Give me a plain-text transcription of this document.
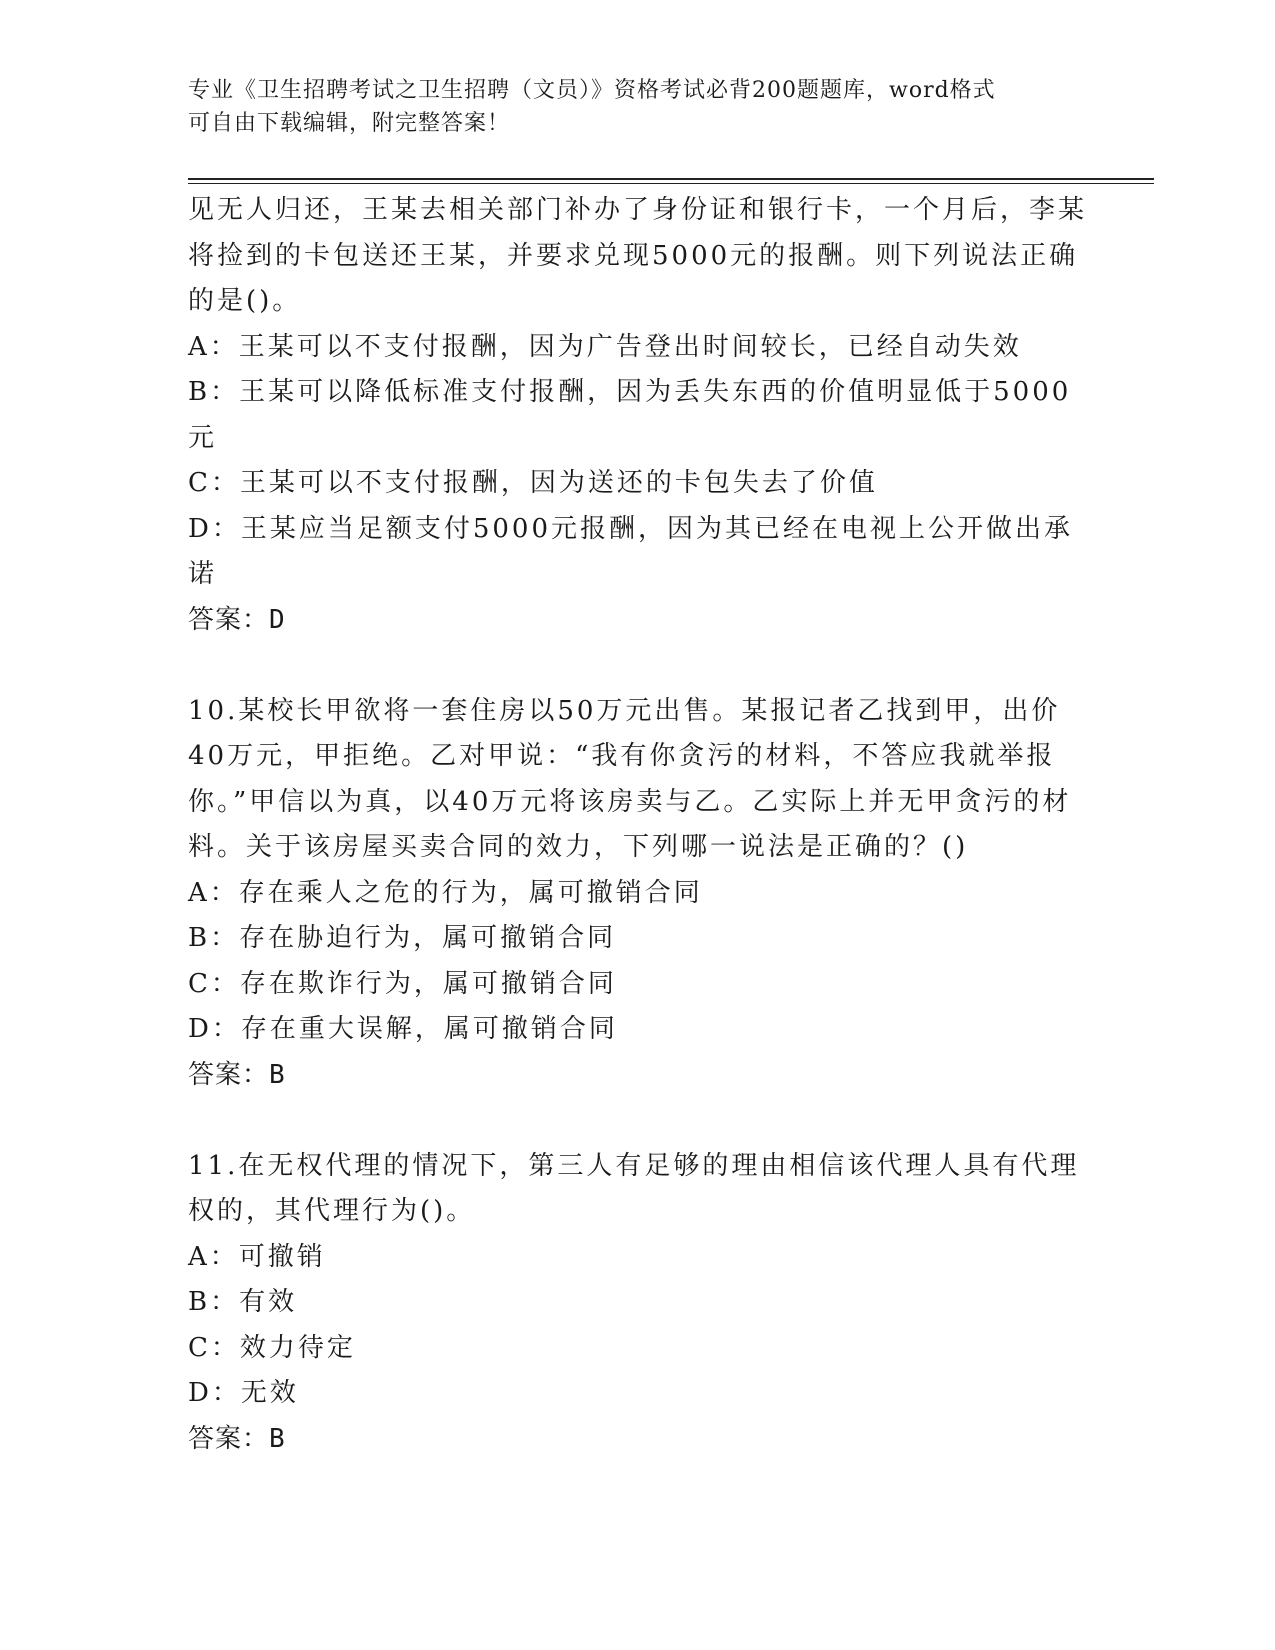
专业《卫生招聘考试之卫生招聘（文员）》资格考试必背200题题库，word格式
可自由下载编辑，附完整答案！

见无人归还，王某去相关部门补办了身份证和银行卡，一个月后，李某将捡到的卡包送还王某，并要求兑现5000元的报酬。则下列说法正确的是()。

A：王某可以不支付报酬，因为广告登出时间较长，已经自动失效

B：王某可以降低标准支付报酬，因为丢失东西的价值明显低于5000元

C：王某可以不支付报酬，因为送还的卡包失去了价值

D：王某应当足额支付5000元报酬，因为其已经在电视上公开做出承诺

答案：D

10.某校长甲欲将一套住房以50万元出售。某报记者乙找到甲，出价40万元，甲拒绝。乙对甲说：“我有你贪污的材料，不答应我就举报你。”甲信以为真，以40万元将该房卖与乙。乙实际上并无甲贪污的材料。关于该房屋买卖合同的效力，下列哪一说法是正确的？()

A：存在乘人之危的行为，属可撤销合同

B：存在胁迫行为，属可撤销合同

C：存在欺诈行为，属可撤销合同

D：存在重大误解，属可撤销合同

答案：B

11.在无权代理的情况下，第三人有足够的理由相信该代理人具有代理权的，其代理行为()。

A：可撤销

B：有效

C：效力待定

D：无效

答案：B
